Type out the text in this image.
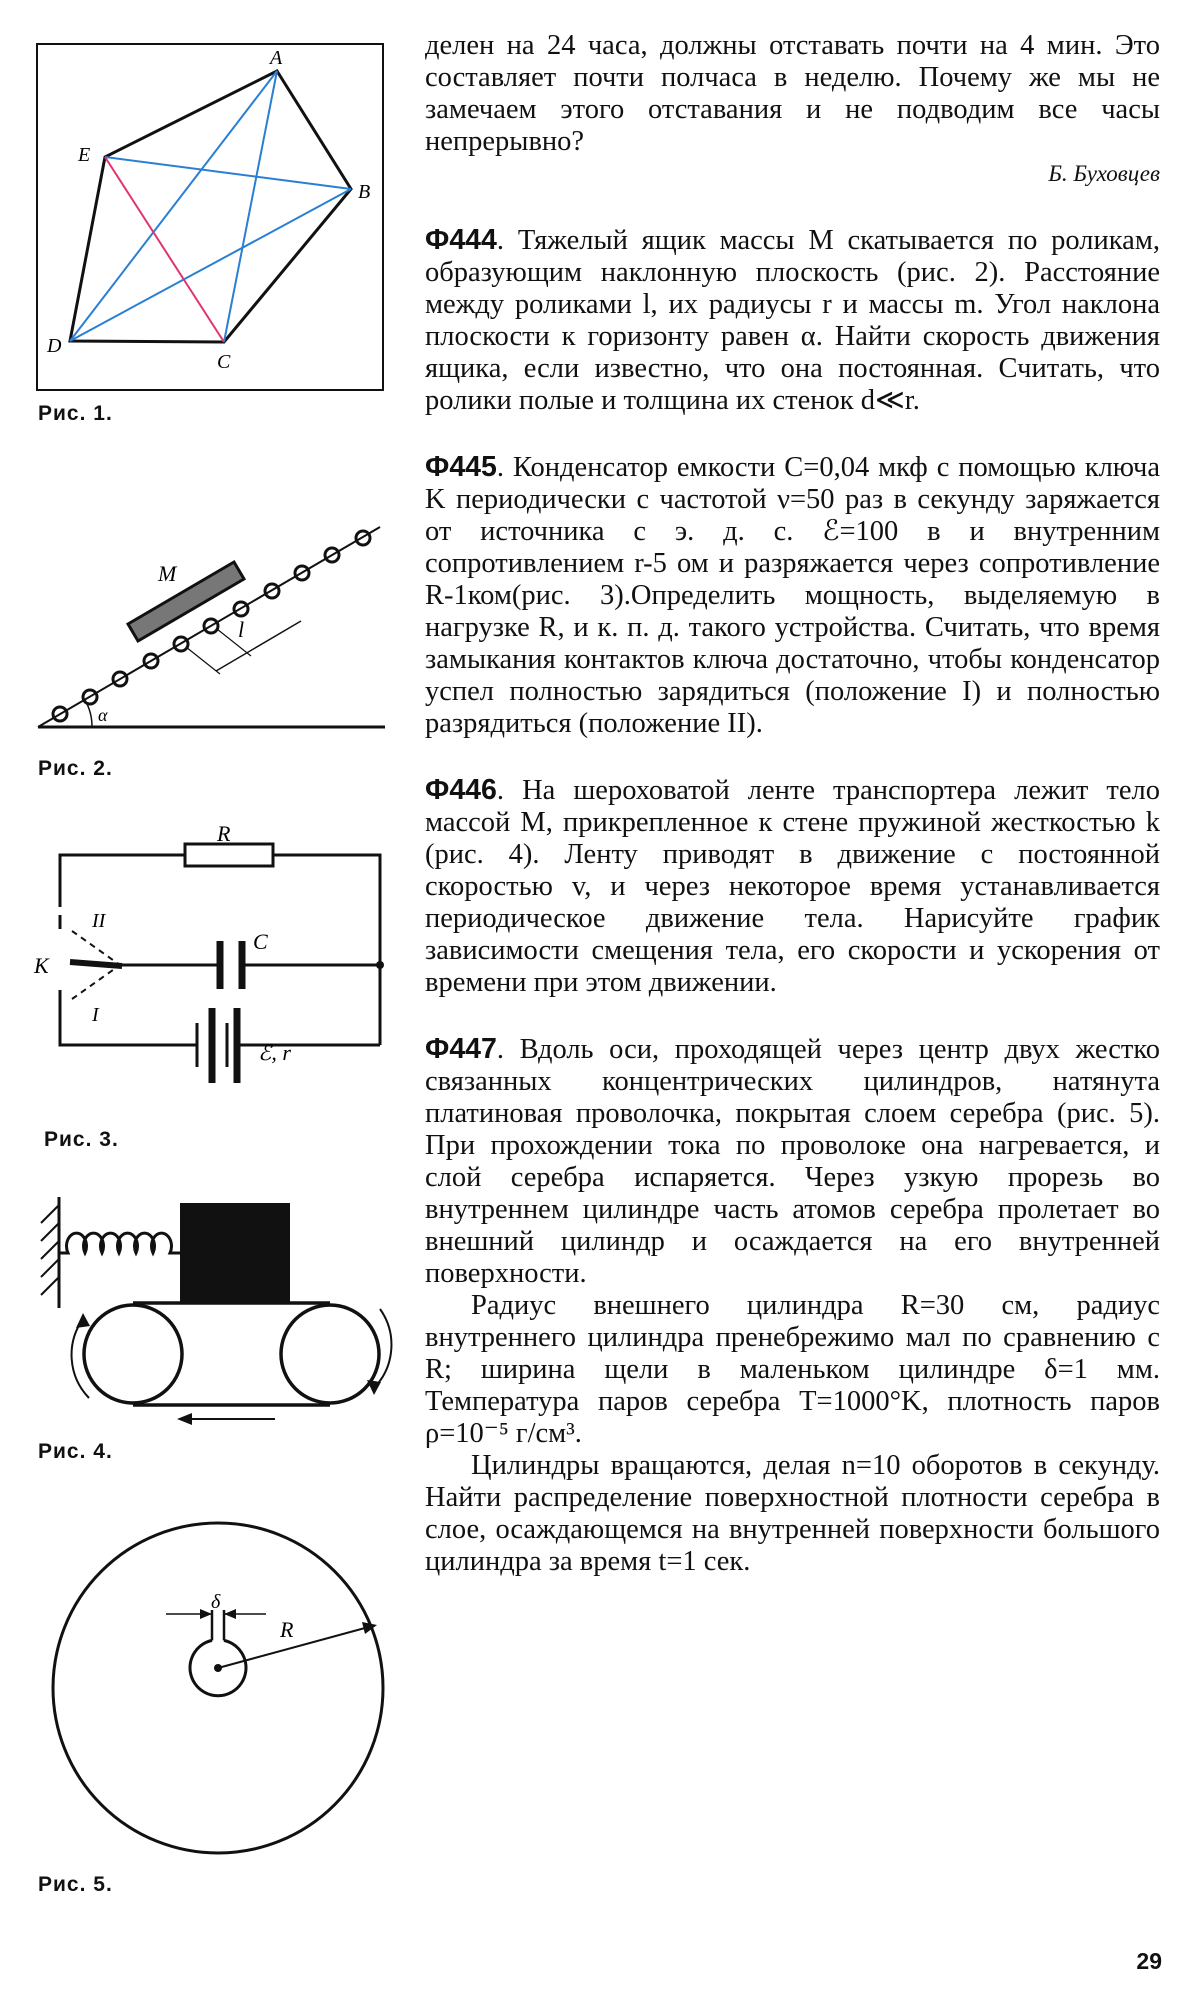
A
B
C
D
E
Рис. 1.
M
l
α
Рис. 2.
R
C
K
II
I
ℰ, r
Рис. 3.
Рис. 4.
δ
R
Рис. 5.

делен на 24 часа, должны отставать почти на 4 мин. Это составляет почти полчаса в неделю. Почему же мы не замечаем этого отставания и не подводим все часы непрерывно?

Б. Буховцев

Ф444. Тяжелый ящик массы M скатывается по роликам, образующим наклонную плоскость (рис. 2). Расстояние между роликами l, их радиусы r и массы m. Угол наклона плоскости к горизонту равен α. Найти скорость движения ящика, если известно, что она постоянная. Считать, что ролики полые и толщина их стенок d≪r.

Ф445. Конденсатор емкости C=0,04 мкф с помощью ключа K периодически с частотой ν=50 раз в секунду заряжается от источника с э. д. с. ℰ=100 в и внутренним сопротивлением r-5 ом и разряжается через сопротивление R-1ком(рис. 3).Определить мощность, выделяемую в нагрузке R, и к. п. д. такого устройства. Считать, что время замыкания контактов ключа достаточно, чтобы конденсатор успел полностью зарядиться (положение I) и полностью разрядиться (положение II).

Ф446. На шероховатой ленте транспортера лежит тело массой M, прикрепленное к стене пружиной жесткостью k (рис. 4). Ленту приводят в движение с постоянной скоростью v, и через некоторое время устанавливается периодическое движение тела. Нарисуйте график зависимости смещения тела, его скорости и ускорения от времени при этом движении.

Ф447. Вдоль оси, проходящей через центр двух жестко связанных концентрических цилиндров, натянута платиновая проволочка, покрытая слоем серебра (рис. 5). При прохождении тока по проволоке она нагревается, и слой серебра испаряется. Через узкую прорезь во внутреннем цилиндре часть атомов серебра пролетает во внешний цилиндр и осаждается на его внутренней поверхности.

Радиус внешнего цилиндра R=30 см, радиус внутреннего цилиндра пренебрежимо мал по сравнению с R; ширина щели в маленьком цилиндре δ=1 мм. Температура паров серебра T=1000°K, плотность паров ρ=10⁻⁵ г/см³.

Цилиндры вращаются, делая n=10 оборотов в секунду. Найти распределение поверхностной плотности серебра в слое, осаждающемся на внутренней поверхности большого цилиндра за время t=1 сек.

29
